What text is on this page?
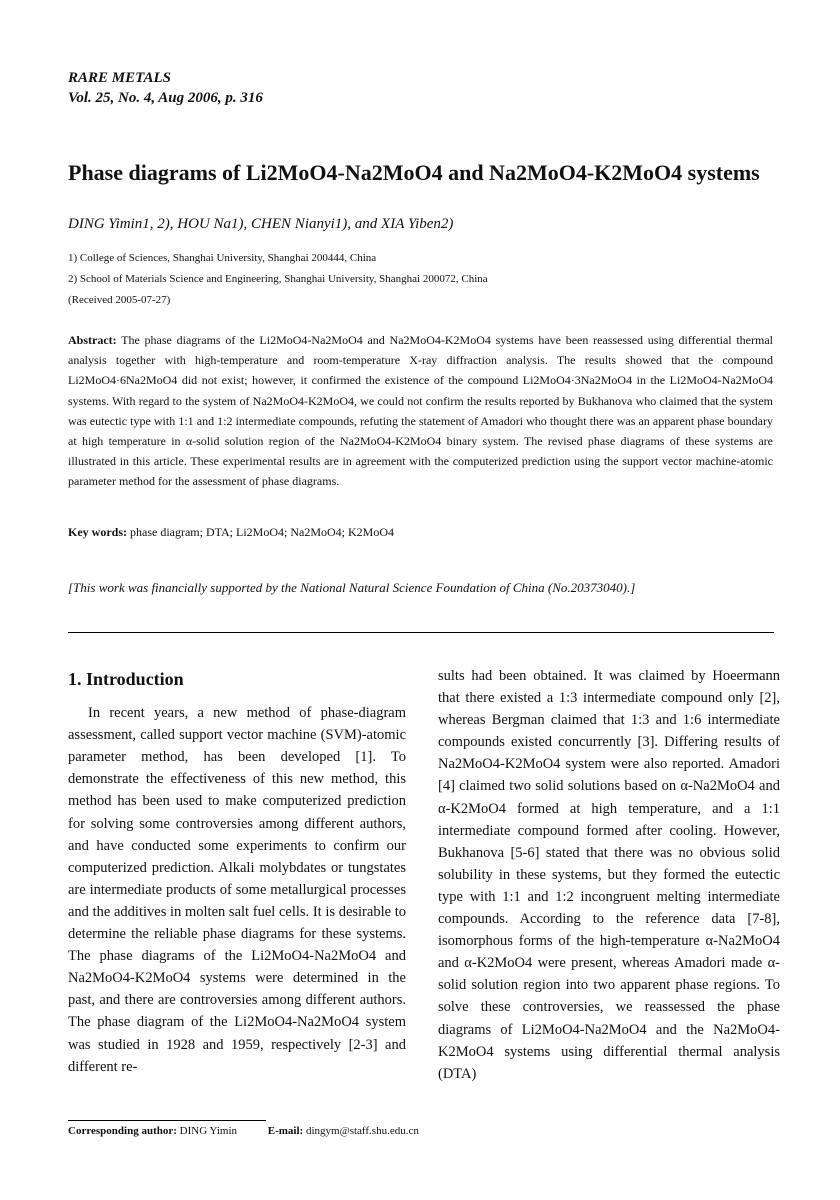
RARE METALS
Vol. 25, No. 4, Aug 2006, p. 316
Phase diagrams of Li2MoO4-Na2MoO4 and Na2MoO4-K2MoO4 systems
DING Yimin1, 2), HOU Na1), CHEN Nianyi1), and XIA Yiben2)
1) College of Sciences, Shanghai University, Shanghai 200444, China
2) School of Materials Science and Engineering, Shanghai University, Shanghai 200072, China
(Received 2005-07-27)
Abstract: The phase diagrams of the Li2MoO4-Na2MoO4 and Na2MoO4-K2MoO4 systems have been reassessed using differential thermal analysis together with high-temperature and room-temperature X-ray diffraction analysis. The results showed that the compound Li2MoO4·6Na2MoO4 did not exist; however, it confirmed the existence of the compound Li2MoO4·3Na2MoO4 in the Li2MoO4-Na2MoO4 systems. With regard to the system of Na2MoO4-K2MoO4, we could not confirm the results reported by Bukhanova who claimed that the system was eutectic type with 1:1 and 1:2 intermediate compounds, refuting the statement of Amadori who thought there was an apparent phase boundary at high temperature in α-solid solution region of the Na2MoO4-K2MoO4 binary system. The revised phase diagrams of these systems are illustrated in this article. These experimental results are in agreement with the computerized prediction using the support vector machine-atomic parameter method for the assessment of phase diagrams.
Key words: phase diagram; DTA; Li2MoO4; Na2MoO4; K2MoO4
[This work was financially supported by the National Natural Science Foundation of China (No.20373040).]
1. Introduction
In recent years, a new method of phase-diagram assessment, called support vector machine (SVM)-atomic parameter method, has been developed [1]. To demonstrate the effectiveness of this new method, this method has been used to make computerized prediction for solving some controversies among different authors, and have conducted some experiments to confirm our computerized prediction. Alkali molybdates or tungstates are intermediate products of some metallurgical processes and the additives in molten salt fuel cells. It is desirable to determine the reliable phase diagrams for these systems. The phase diagrams of the Li2MoO4-Na2MoO4 and Na2MoO4-K2MoO4 systems were determined in the past, and there are controversies among different authors. The phase diagram of the Li2MoO4-Na2MoO4 system was studied in 1928 and 1959, respectively [2-3] and different re-
sults had been obtained. It was claimed by Hoeermann that there existed a 1:3 intermediate compound only [2], whereas Bergman claimed that 1:3 and 1:6 intermediate compounds existed concurrently [3]. Differing results of Na2MoO4-K2MoO4 system were also reported. Amadori [4] claimed two solid solutions based on α-Na2MoO4 and α-K2MoO4 formed at high temperature, and a 1:1 intermediate compound formed after cooling. However, Bukhanova [5-6] stated that there was no obvious solid solubility in these systems, but they formed the eutectic type with 1:1 and 1:2 incongruent melting intermediate compounds. According to the reference data [7-8], isomorphous forms of the high-temperature α-Na2MoO4 and α-K2MoO4 were present, whereas Amadori made α-solid solution region into two apparent phase regions. To solve these controversies, we reassessed the phase diagrams of Li2MoO4-Na2MoO4 and the Na2MoO4-K2MoO4 systems using differential thermal analysis (DTA)
Corresponding author: DING Yimin	E-mail: dingym@staff.shu.edu.cn
